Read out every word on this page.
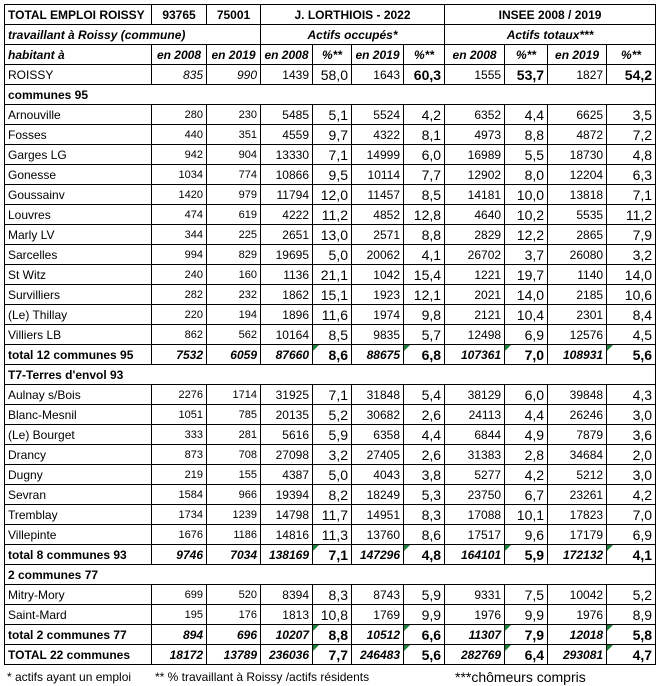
TOTAL EMPLOI ROISSY	93765	75001	J. LORTHIOIS - 2022				INSEE 2008 / 2019			
travaillant à Roissy (commune)			Actifs occupés*				Actifs totaux***			
habitant à	en 2008	en 2019	en 2008	%**	en 2019	%**	en 2008	%**	en 2019	%**
ROISSY	835	990	1439	58,0	1643	60,3	1555	53,7	1827	54,2
communes 95										
Arnouville	280	230	5485	5,1	5524	4,2	6352	4,4	6625	3,5
Fosses	440	351	4559	9,7	4322	8,1	4973	8,8	4872	7,2
Garges LG	942	904	13330	7,1	14999	6,0	16989	5,5	18730	4,8
Gonesse	1034	774	10866	9,5	10114	7,7	12902	8,0	12204	6,3
Goussainv	1420	979	11794	12,0	11457	8,5	14181	10,0	13818	7,1
Louvres	474	619	4222	11,2	4852	12,8	4640	10,2	5535	11,2
Marly LV	344	225	2651	13,0	2571	8,8	2829	12,2	2865	7,9
Sarcelles	994	829	19695	5,0	20062	4,1	26702	3,7	26080	3,2
St Witz	240	160	1136	21,1	1042	15,4	1221	19,7	1140	14,0
Survilliers	282	232	1862	15,1	1923	12,1	2021	14,0	2185	10,6
(Le) Thillay	220	194	1896	11,6	1974	9,8	2121	10,4	2301	8,4
Villiers LB	862	562	10164	8,5	9835	5,7	12498	6,9	12576	4,5
total 12 communes 95	7532	6059	87660	8,6	88675	6,8	107361	7,0	108931	5,6

T7-Terres d'envol 93										
Aulnay s/Bois	2276	1714	31925	7,1	31848	5,4	38129	6,0	39848	4,3
Blanc-Mesnil	1051	785	20135	5,2	30682	2,6	24113	4,4	26246	3,0
(Le) Bourget	333	281	5616	5,9	6358	4,4	6844	4,9	7879	3,6
Drancy	873	708	27098	3,2	27405	2,6	31383	2,8	34684	2,0
Dugny	219	155	4387	5,0	4043	3,8	5277	4,2	5212	3,0
Sevran	1584	966	19394	8,2	18249	5,3	23750	6,7	23261	4,2
Tremblay	1734	1239	14798	11,7	14951	8,3	17088	10,1	17823	7,0
Villepinte	1676	1186	14816	11,3	13760	8,6	17517	9,6	17179	6,9
total 8 communes 93	9746	7034	138169	7,1	147296	4,8	164101	5,9	172132	4,1

2 communes 77										
Mitry-Mory	699	520	8394	8,3	8743	5,9	9331	7,5	10042	5,2
Saint-Mard	195	176	1813	10,8	1769	9,9	1976	9,9	1976	8,9
total 2 communes 77	894	696	10207	8,8	10512	6,6	11307	7,9	12018	5,8

TOTAL 22 communes	18172	13789	236036	7,7	246483	5,6	282769	6,4	293081	4,7
* actifs ayant un emploi	** % travaillant à Roissy /actifs résidents	***chômeurs compris
